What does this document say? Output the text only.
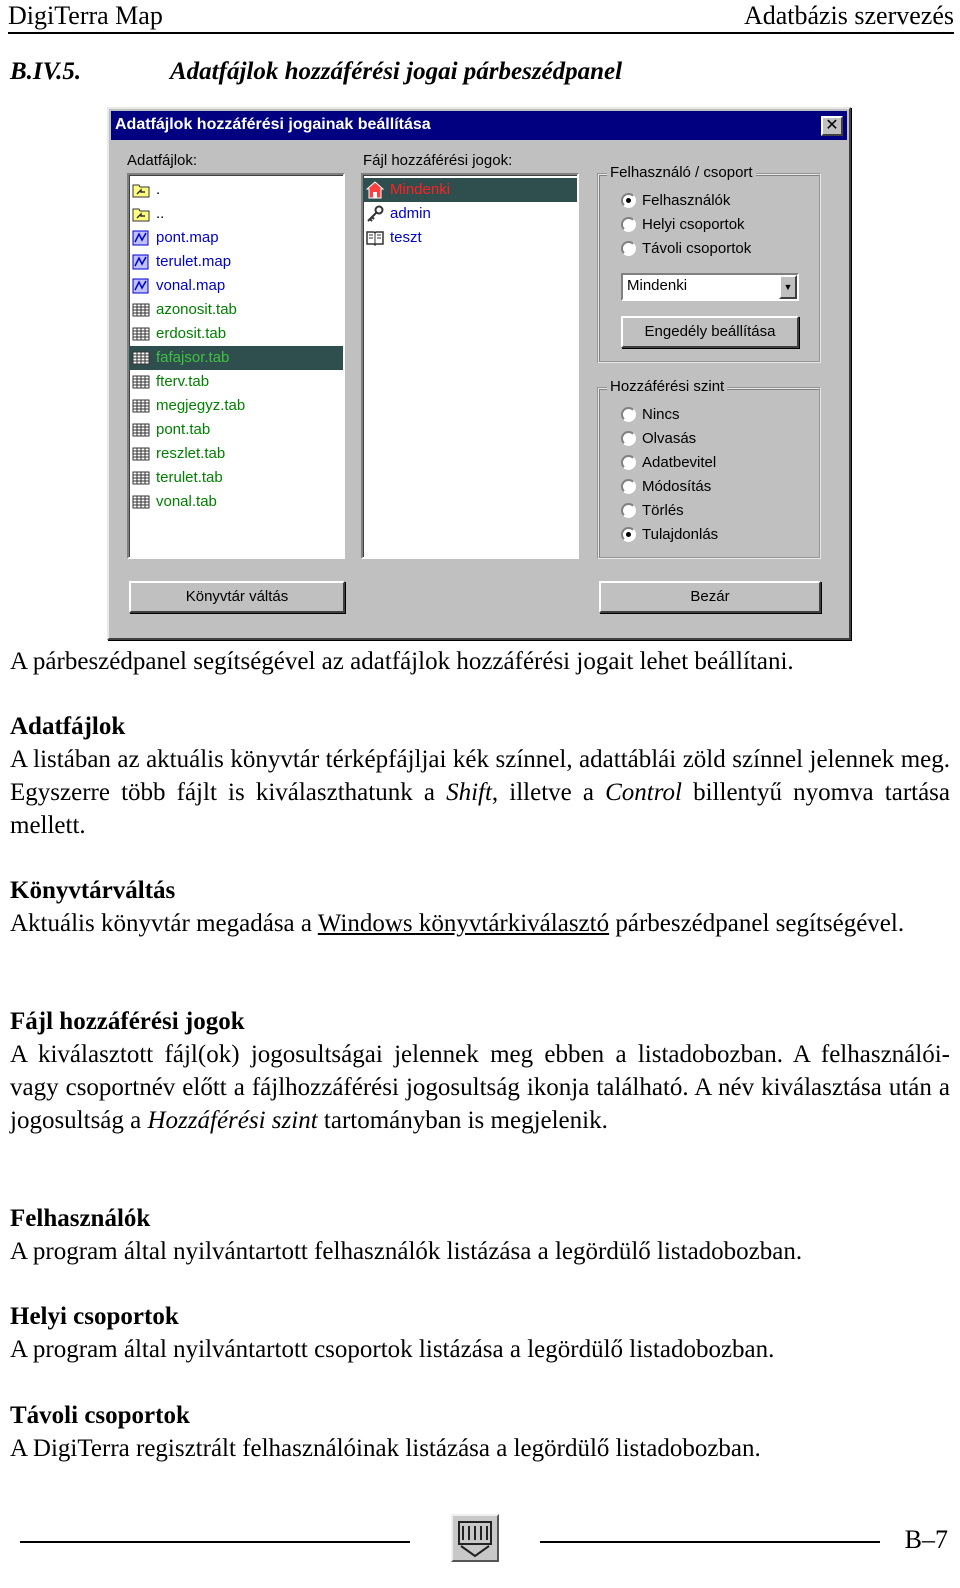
DigiTerra Map	Adatbázis szervezés
B.IV.5.	Adatfájlok hozzáférési jogai párbeszédpanel
Adatfájlok hozzáférési jogainak beállítása	✕
Adatfájlok:
.
..
pont.map
terulet.map
vonal.map
azonosit.tab
erdosit.tab
fafajsor.tab
fterv.tab
megjegyz.tab
pont.tab
reszlet.tab
terulet.tab
vonal.tab
Fájl hozzáférési jogok:
Mindenki
admin
teszt
Felhasználó / csoport
Felhasználók
Helyi csoportok
Távoli csoportok
Mindenki	▼
Engedély beállítása
Hozzáférési szint
Nincs
Olvasás
Adatbevitel
Módosítás
Törlés
Tulajdonlás
Könyvtár váltás	Bezár
A párbeszédpanel segítségével az adatfájlok hozzáférési jogait lehet beállítani.
Adatfájlok
A listában az aktuális könyvtár térképfájljai kék színnel, adattáblái zöld színnel jelennek meg. Egyszerre több fájlt is kiválaszthatunk a Shift, illetve a Control billentyű nyomva tartása mellett.
Könyvtárváltás
Aktuális könyvtár megadása a Windows könyvtárkiválasztó párbeszédpanel segítségével.
Fájl hozzáférési jogok
A kiválasztott fájl(ok) jogosultságai jelennek meg ebben a listadobozban. A felhasználói- vagy csoportnév előtt a fájlhozzáférési jogosultság ikonja található. A név kiválasztása után a jogosultság a Hozzáférési szint tartományban is megjelenik.
Felhasználók
A program által nyilvántartott felhasználók listázása a legördülő listadobozban.
Helyi csoportok
A program által nyilvántartott csoportok listázása a legördülő listadobozban.
Távoli csoportok
A DigiTerra regisztrált felhasználóinak listázása a legördülő listadobozban.
B–7
